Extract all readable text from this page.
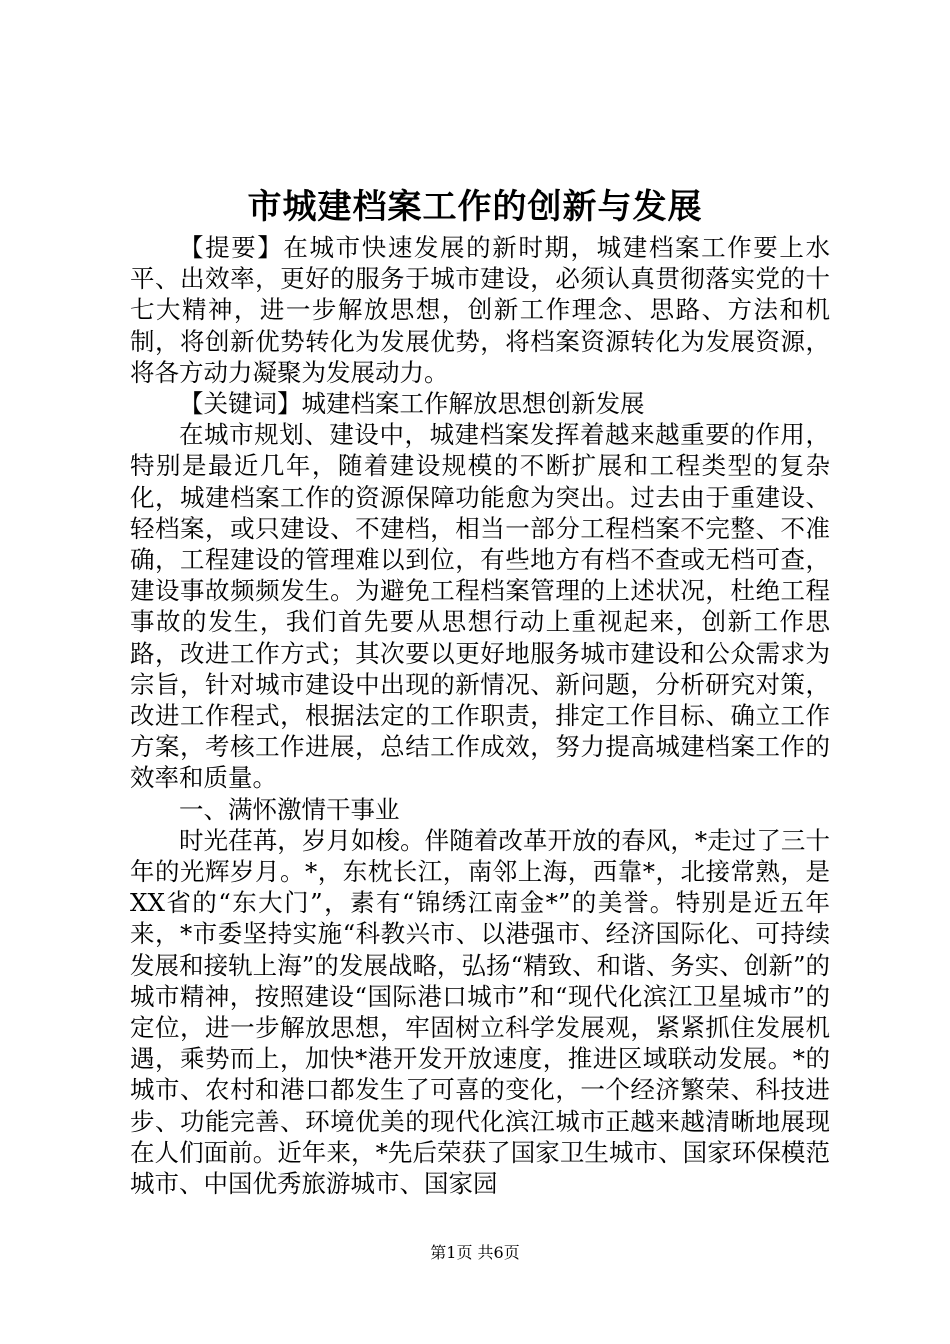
市城建档案工作的创新与发展

【提要】在城市快速发展的新时期，城建档案工作要上水平、出效率，更好的服务于城市建设，必须认真贯彻落实党的十七大精神，进一步解放思想，创新工作理念、思路、方法和机制，将创新优势转化为发展优势，将档案资源转化为发展资源，将各方动力凝聚为发展动力。

【关键词】城建档案工作解放思想创新发展

在城市规划、建设中，城建档案发挥着越来越重要的作用，特别是最近几年，随着建设规模的不断扩展和工程类型的复杂化，城建档案工作的资源保障功能愈为突出。过去由于重建设、轻档案，或只建设、不建档，相当一部分工程档案不完整、不准确，工程建设的管理难以到位，有些地方有档不查或无档可查，建设事故频频发生。为避免工程档案管理的上述状况，杜绝工程事故的发生，我们首先要从思想行动上重视起来，创新工作思路，改进工作方式；其次要以更好地服务城市建设和公众需求为宗旨，针对城市建设中出现的新情况、新问题，分析研究对策，改进工作程式，根据法定的工作职责，排定工作目标、确立工作方案，考核工作进展，总结工作成效，努力提高城建档案工作的效率和质量。

一、满怀激情干事业

时光荏苒，岁月如梭。伴随着改革开放的春风，*走过了三十年的光辉岁月。*，东枕长江，南邻上海，西靠*，北接常熟，是XX省的“东大门”，素有“锦绣江南金*”的美誉。特别是近五年来，*市委坚持实施“科教兴市、以港强市、经济国际化、可持续发展和接轨上海”的发展战略，弘扬“精致、和谐、务实、创新”的城市精神，按照建设“国际港口城市”和“现代化滨江卫星城市”的定位，进一步解放思想，牢固树立科学发展观，紧紧抓住发展机遇，乘势而上，加快*港开发开放速度，推进区域联动发展。*的城市、农村和港口都发生了可喜的变化，一个经济繁荣、科技进步、功能完善、环境优美的现代化滨江城市正越来越清晰地展现在人们面前。近年来，*先后荣获了国家卫生城市、国家环保模范城市、中国优秀旅游城市、国家园

第1页 共6页
